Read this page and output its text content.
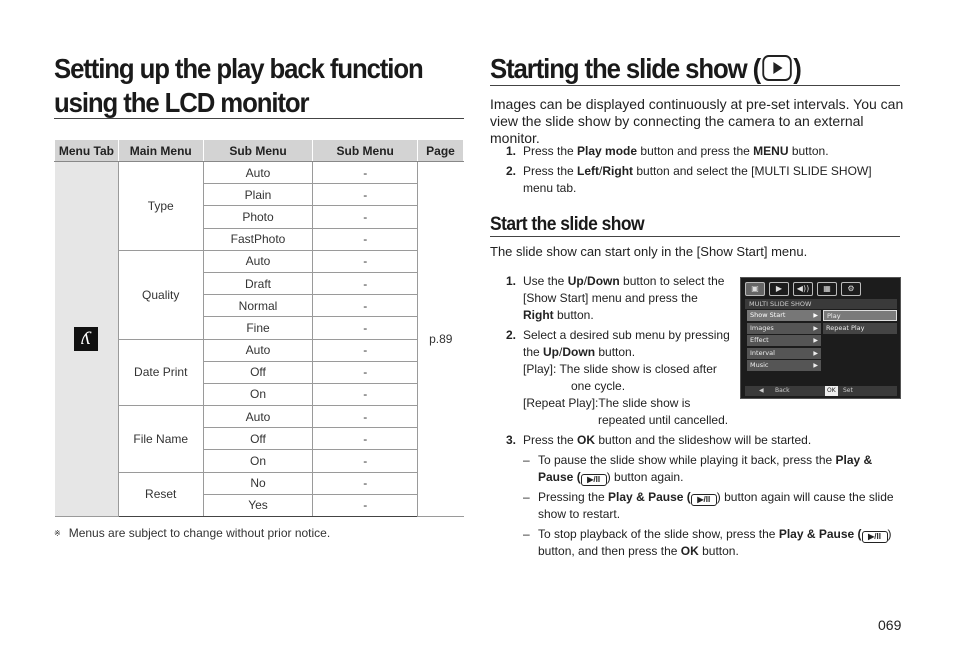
Setting up the play back function
using the LCD monitor
Menu Tab	Main Menu	Sub Menu	Sub Menu	Page
ʎ	Type	Auto	-	p.89
		Plain	-	
		Photo	-	
		FastPhoto	-	
	Quality	Auto	-	
		Draft	-	
		Normal	-	
		Fine	-	
	Date Print	Auto	-	
		Off	-	
		On	-	
	File Name	Auto	-	
		Off	-	
		On	-	
	Reset	No	-	
		Yes	-	
※ Menus are subject to change without prior notice.
Starting the slide show ( )
Images can be displayed continuously at pre-set intervals. You can view the slide show by connecting the camera to an external monitor.
1. Press the Play mode button and press the MENU button.
2. Press the Left/Right button and select the [MULTI SLIDE SHOW] menu tab.
Start the slide show
The slide show can start only in the [Show Start] menu.
1. Use the Up/Down button to select the [Show Start] menu and press the Right button.
2. Select a desired sub menu by pressing the Up/Down button.
[Play]: The slide show is closed after one cycle.
[Repeat Play]:The slide show is repeated until cancelled.
3. Press the OK button and the slideshow will be started.
– To pause the slide show while playing it back, press the Play & Pause ( ▶/II ) button again.
– Pressing the Play & Pause ( ▶/II ) button again will cause the slide show to restart.
– To stop playback of the slide show, press the Play & Pause ( ▶/II ) button, and then press the OK button.
▣	▶	◀))	▦	⚙
MULTI SLIDE SHOW
Show Start	▶
Images	▶
Effect	▶
Interval	▶
Music	▶
Play
Repeat Play
◀ Back	OK	Set
069
